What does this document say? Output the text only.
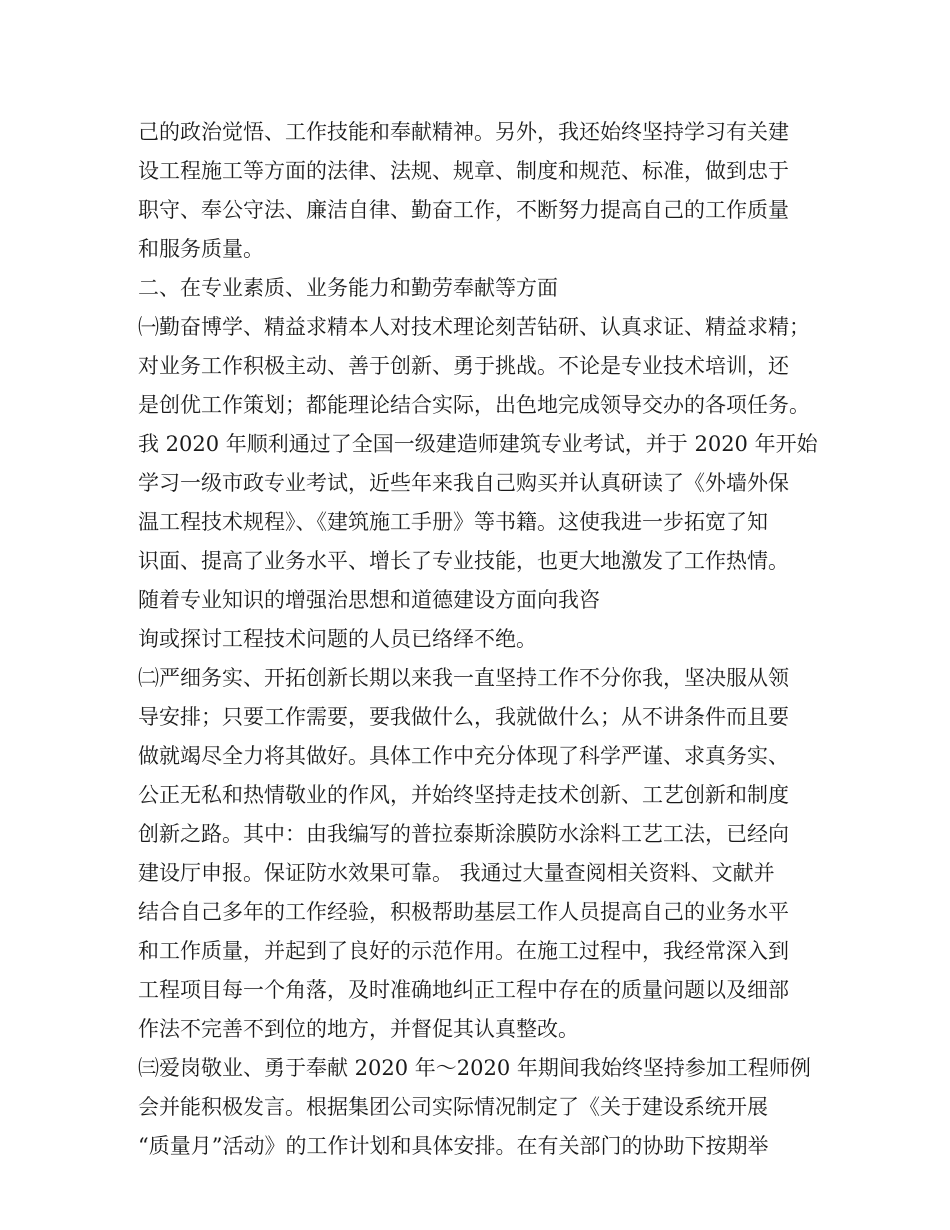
己的政治觉悟、工作技能和奉献精神。另外，我还始终坚持学习有关建
设工程施工等方面的法律、法规、规章、制度和规范、标准，做到忠于
职守、奉公守法、廉洁自律、勤奋工作，不断努力提高自己的工作质量
和服务质量。
二、在专业素质、业务能力和勤劳奉献等方面
㈠勤奋博学、精益求精本人对技术理论刻苦钻研、认真求证、精益求精；
对业务工作积极主动、善于创新、勇于挑战。不论是专业技术培训，还
是创优工作策划；都能理论结合实际，出色地完成领导交办的各项任务。
我 2020 年顺利通过了全国一级建造师建筑专业考试，并于 2020 年开始
学习一级市政专业考试，近些年来我自己购买并认真研读了《外墙外保
温工程技术规程》、《建筑施工手册》等书籍。这使我进一步拓宽了知
识面、提高了业务水平、增长了专业技能，也更大地激发了工作热情。
随着专业知识的增强治思想和道德建设方面向我咨
询或探讨工程技术问题的人员已络绎不绝。
㈡严细务实、开拓创新长期以来我一直坚持工作不分你我，坚决服从领
导安排；只要工作需要，要我做什么，我就做什么；从不讲条件而且要
做就竭尽全力将其做好。具体工作中充分体现了科学严谨、求真务实、
公正无私和热情敬业的作风，并始终坚持走技术创新、工艺创新和制度
创新之路。其中：由我编写的普拉泰斯涂膜防水涂料工艺工法，已经向
建设厅申报。保证防水效果可靠。 我通过大量查阅相关资料、文献并
结合自己多年的工作经验，积极帮助基层工作人员提高自己的业务水平
和工作质量，并起到了良好的示范作用。在施工过程中，我经常深入到
工程项目每一个角落，及时准确地纠正工程中存在的质量问题以及细部
作法不完善不到位的地方，并督促其认真整改。
㈢爱岗敬业、勇于奉献 2020 年～2020 年期间我始终坚持参加工程师例
会并能积极发言。根据集团公司实际情况制定了《关于建设系统开展
“质量月”活动》的工作计划和具体安排。在有关部门的协助下按期举
